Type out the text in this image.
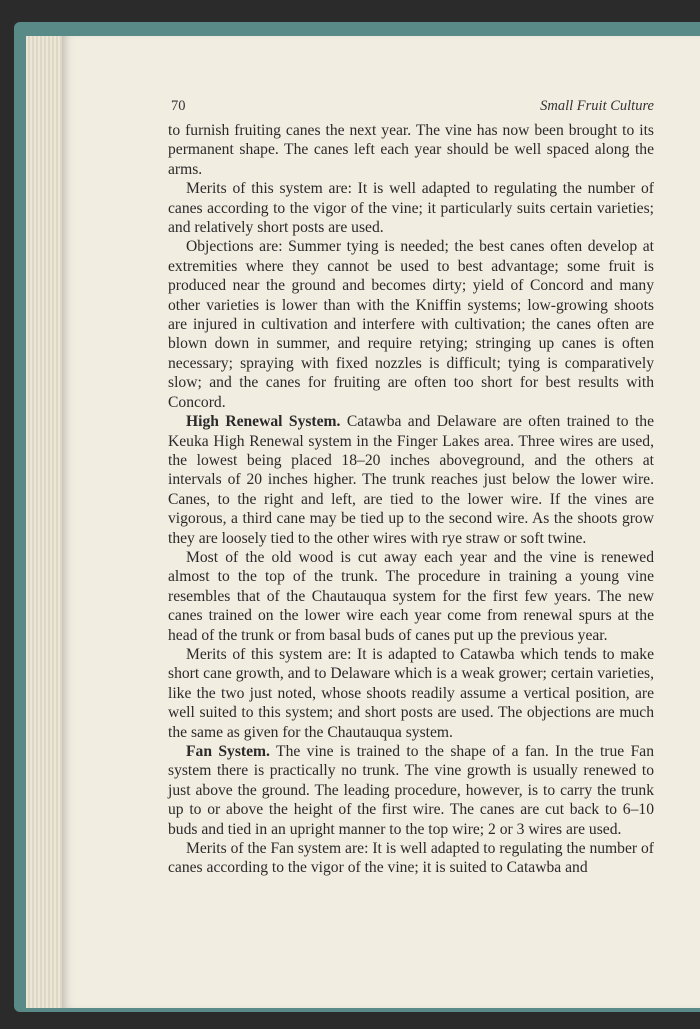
70	Small Fruit Culture

to furnish fruiting canes the next year. The vine has now been brought to its permanent shape. The canes left each year should be well spaced along the arms.

Merits of this system are: It is well adapted to regulating the number of canes according to the vigor of the vine; it particularly suits certain varieties; and relatively short posts are used.

Objections are: Summer tying is needed; the best canes often develop at extremities where they cannot be used to best advantage; some fruit is produced near the ground and becomes dirty; yield of Concord and many other varieties is lower than with the Kniffin systems; low-growing shoots are injured in cultivation and interfere with cultivation; the canes often are blown down in summer, and require retying; stringing up canes is often necessary; spraying with fixed nozzles is difficult; tying is comparatively slow; and the canes for fruiting are often too short for best results with Concord.

High Renewal System. Catawba and Delaware are often trained to the Keuka High Renewal system in the Finger Lakes area. Three wires are used, the lowest being placed 18–20 inches aboveground, and the others at intervals of 20 inches higher. The trunk reaches just below the lower wire. Canes, to the right and left, are tied to the lower wire. If the vines are vigorous, a third cane may be tied up to the second wire. As the shoots grow they are loosely tied to the other wires with rye straw or soft twine.

Most of the old wood is cut away each year and the vine is renewed almost to the top of the trunk. The procedure in training a young vine resembles that of the Chautauqua system for the first few years. The new canes trained on the lower wire each year come from renewal spurs at the head of the trunk or from basal buds of canes put up the previous year.

Merits of this system are: It is adapted to Catawba which tends to make short cane growth, and to Delaware which is a weak grower; certain varieties, like the two just noted, whose shoots readily assume a vertical position, are well suited to this system; and short posts are used. The objections are much the same as given for the Chautauqua system.

Fan System. The vine is trained to the shape of a fan. In the true Fan system there is practically no trunk. The vine growth is usually renewed to just above the ground. The leading procedure, however, is to carry the trunk up to or above the height of the first wire. The canes are cut back to 6–10 buds and tied in an upright manner to the top wire; 2 or 3 wires are used.

Merits of the Fan system are: It is well adapted to regulating the number of canes according to the vigor of the vine; it is suited to Catawba and
